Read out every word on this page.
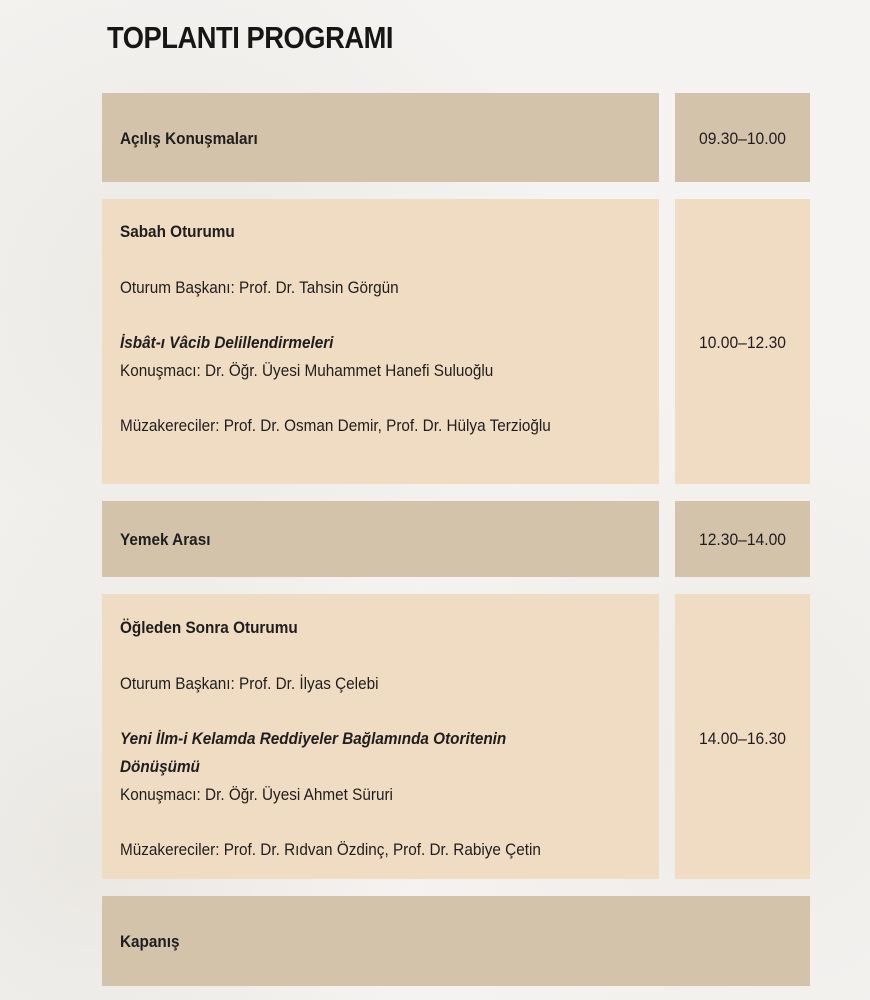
TOPLANTI PROGRAMI
Açılış Konuşmaları	09.30–10.00
Sabah Oturumu
Oturum Başkanı: Prof. Dr. Tahsin Görgün
İsbât-ı Vâcib Delillendirmeleri
Konuşmacı: Dr. Öğr. Üyesi Muhammet Hanefi Suluoğlu
Müzakereciler: Prof. Dr. Osman Demir, Prof. Dr. Hülya Terzioğlu
10.00–12.30
Yemek Arası	12.30–14.00
Öğleden Sonra Oturumu
Oturum Başkanı: Prof. Dr. İlyas Çelebi
Yeni İlm-i Kelamda Reddiyeler Bağlamında Otoritenin
Dönüşümü
Konuşmacı: Dr. Öğr. Üyesi Ahmet Süruri
Müzakereciler: Prof. Dr. Rıdvan Özdinç, Prof. Dr. Rabiye Çetin
14.00–16.30
Kapanış
